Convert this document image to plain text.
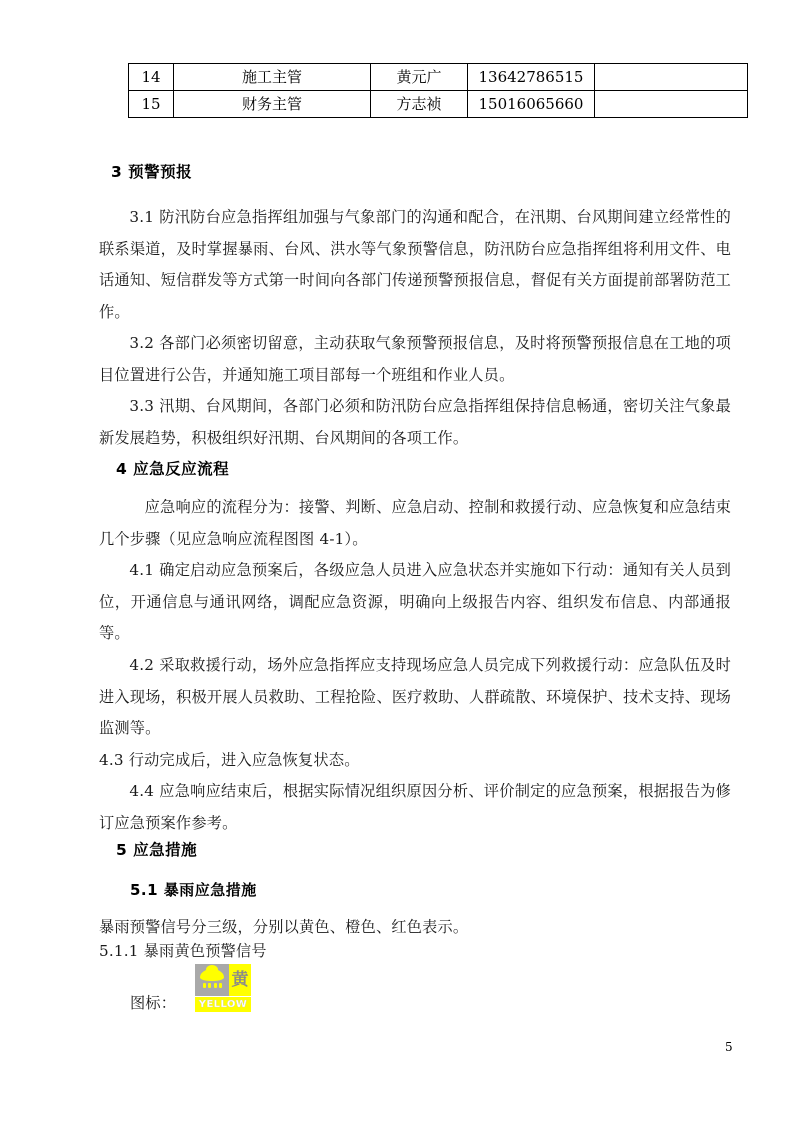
14	施工主管	黄元广	13642786515	
15	财务主管	方志祯	15016065660	
3 预警预报
3.1 防汛防台应急指挥组加强与气象部门的沟通和配合，在汛期、台风期间建立经常性的联系渠道，及时掌握暴雨、台风、洪水等气象预警信息，防汛防台应急指挥组将利用文件、电话通知、短信群发等方式第一时间向各部门传递预警预报信息，督促有关方面提前部署防范工作。
3.2 各部门必须密切留意，主动获取气象预警预报信息，及时将预警预报信息在工地的项目位置进行公告，并通知施工项目部每一个班组和作业人员。
3.3 汛期、台风期间，各部门必须和防汛防台应急指挥组保持信息畅通，密切关注气象最新发展趋势，积极组织好汛期、台风期间的各项工作。
4 应急反应流程
应急响应的流程分为：接警、判断、应急启动、控制和救援行动、应急恢复和应急结束几个步骤（见应急响应流程图图 4-1）。
4.1 确定启动应急预案后，各级应急人员进入应急状态并实施如下行动：通知有关人员到位，开通信息与通讯网络，调配应急资源，明确向上级报告内容、组织发布信息、内部通报等。
4.2 采取救援行动，场外应急指挥应支持现场应急人员完成下列救援行动：应急队伍及时进入现场，积极开展人员救助、工程抢险、医疗救助、人群疏散、环境保护、技术支持、现场监测等。
4.3 行动完成后，进入应急恢复状态。
4.4 应急响应结束后，根据实际情况组织原因分析、评价制定的应急预案，根据报告为修订应急预案作参考。
5 应急措施
5.1 暴雨应急措施
暴雨预警信号分三级，分别以黄色、橙色、红色表示。
5.1.1 暴雨黄色预警信号
图标：
黄
YELLOW
5
